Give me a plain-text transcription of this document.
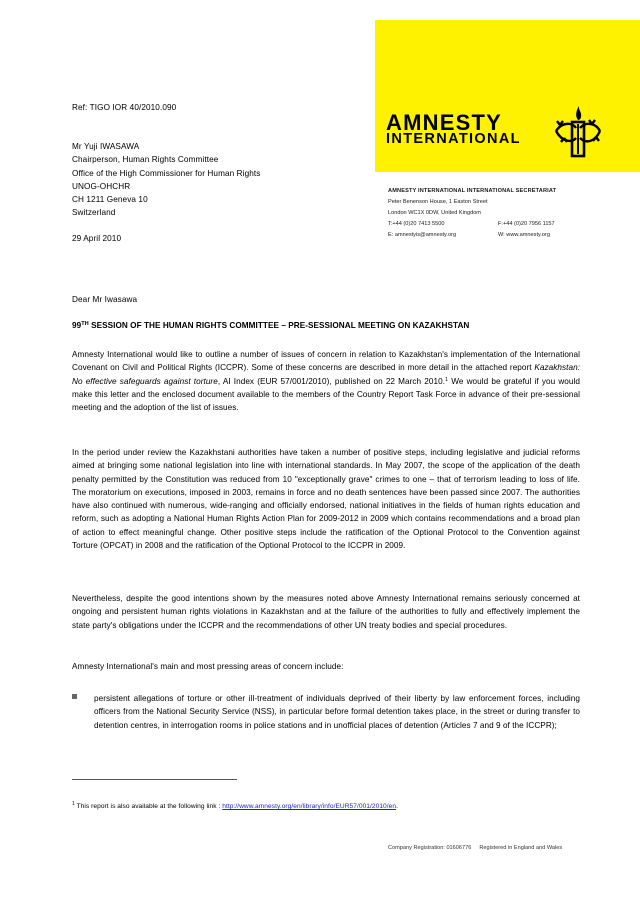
AMNESTY
INTERNATIONAL
AMNESTY INTERNATIONAL INTERNATIONAL SECRETARIAT
Peter Benenson House, 1 Easton Street
London WC1X 0DW, United Kingdom
T:+44 (0)20 7413 5500	F:+44 (0)20 7956 1157
E: amnestyis@amnesty.org	W: www.amnesty.org
Ref: TIGO IOR 40/2010.090
Mr Yuji IWASAWA
Chairperson, Human Rights Committee
Office of the High Commissioner for Human Rights
UNOG-OHCHR
CH 1211 Geneva 10
Switzerland
29 April 2010
Dear Mr Iwasawa
99TH SESSION OF THE HUMAN RIGHTS COMMITTEE – PRE-SESSIONAL MEETING ON KAZAKHSTAN
Amnesty International would like to outline a number of issues of concern in relation to Kazakhstan's implementation of the International Covenant on Civil and Political Rights (ICCPR). Some of these concerns are described in more detail in the attached report Kazakhstan: No effective safeguards against torture, AI Index (EUR 57/001/2010), published on 22 March 2010.$^1$ We would be grateful if you would make this letter and the enclosed document available to the members of the Country Report Task Force in advance of their pre-sessional meeting and the adoption of the list of issues.
In the period under review the Kazakhstani authorities have taken a number of positive steps, including legislative and judicial reforms aimed at bringing some national legislation into line with international standards. In May 2007, the scope of the application of the death penalty permitted by the Constitution was reduced from 10 "exceptionally grave" crimes to one – that of terrorism leading to loss of life. The moratorium on executions, imposed in 2003, remains in force and no death sentences have been passed since 2007. The authorities have also continued with numerous, wide-ranging and officially endorsed, national initiatives in the fields of human rights education and reform, such as adopting a National Human Rights Action Plan for 2009-2012 in 2009 which contains recommendations and a broad plan of action to effect meaningful change. Other positive steps include the ratification of the Optional Protocol to the Convention against Torture (OPCAT) in 2008 and the ratification of the Optional Protocol to the ICCPR in 2009.
Nevertheless, despite the good intentions shown by the measures noted above Amnesty International remains seriously concerned at ongoing and persistent human rights violations in Kazakhstan and at the failure of the authorities to fully and effectively implement the state party's obligations under the ICCPR and the recommendations of other UN treaty bodies and special procedures.
Amnesty International's main and most pressing areas of concern include:
persistent allegations of torture or other ill-treatment of individuals deprived of their liberty by law enforcement forces, including officers from the National Security Service (NSS), in particular before formal detention takes place, in the street or during transfer to detention centres, in interrogation rooms in police stations and in unofficial places of detention (Articles 7 and 9 of the ICCPR);
$^1$ This report is also available at the following link : http://www.amnesty.org/en/library/info/EUR57/001/2010/en.
Company Registration: 01606776 Registered in England and Wales
